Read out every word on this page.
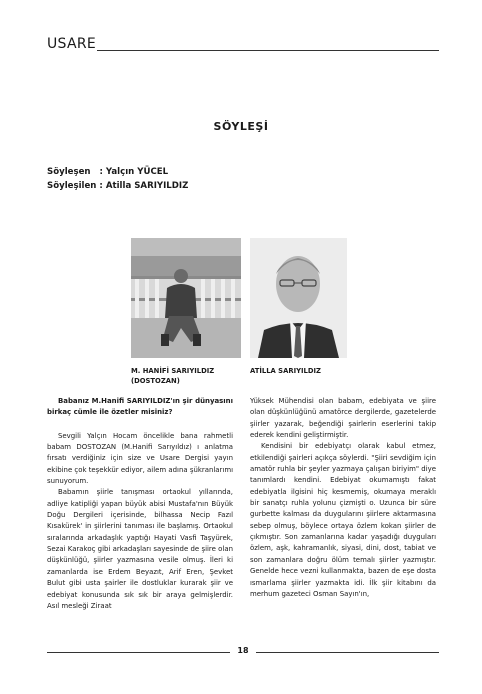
USARE
SÖYLEŞİ
Söyleşen   : Yalçın YÜCEL
Söyleşilen : Atilla SARIYILDIZ
M. HANİFİ SARIYILDIZ
(DOSTOZAN)
ATİLLA SARIYILDIZ

Babanız M.Hanifi SARIYILDIZ'ın şir dünyasını birkaç cümle ile özetler misiniz?

Sevgili Yalçın Hocam öncelikle bana rahmetli babam DOSTOZAN (M.Hanifi Sarıyıldız) ı anlatma fırsatı verdiğiniz için size ve Usare Dergisi yayın ekibine çok teşekkür ediyor, ailem adına şükranlarımı sunuyorum.

Babamın şiirle tanışması ortaokul yıllarında, adliye katipliği yapan büyük abisi Mustafa'nın Büyük Doğu Dergileri içerisinde, bilhassa Necip Fazıl Kısakürek' in şiirlerini tanıması ile başlamış. Ortaokul sıralarında arkadaşlık yaptığı Hayati Vasfi Taşyürek, Sezai Karakoç gibi arkadaşları sayesinde de şiire olan düşkünlüğü, şiirler yazmasına vesile olmuş. İleri ki zamanlarda ise Erdem Beyazıt, Arif Eren, Şevket Bulut gibi usta şairler ile dostluklar kurarak şiir ve edebiyat konusunda sık sık bir araya gelmişlerdir. Asıl mesleği Ziraat

Yüksek Mühendisi olan babam, edebiyata ve şiire olan düşkünlüğünü amatörce dergilerde, gazetelerde şiirler yazarak, beğendiği şairlerin eserlerini takip ederek kendini geliştirmiştir.

Kendisini bir edebiyatçı olarak kabul etmez, etkilendiği şairleri açıkça söylerdi. "Şiiri sevdiğim için amatör ruhla bir şeyler yazmaya çalışan biriyim" diye tanımlardı kendini. Edebiyat okumamıştı fakat edebiyatla ilgisini hiç kesmemiş, okumaya meraklı bir sanatçı ruhla yolunu çizmişti o. Uzunca bir süre gurbette kalması da duygularını şiirlere aktarmasına sebep olmuş, böylece ortaya özlem kokan şiirler de çıkmıştır. Son zamanlarına kadar yaşadığı duyguları özlem, aşk, kahramanlık, siyasi, dini, dost, tabiat ve son zamanlara doğru ölüm temalı şiirler yazmıştır. Genelde hece vezni kullanmakta, bazen de eşe dosta ısmarlama şiirler yazmakta idi. İlk şiir kitabını da merhum gazeteci Osman Sayın'ın,

18
